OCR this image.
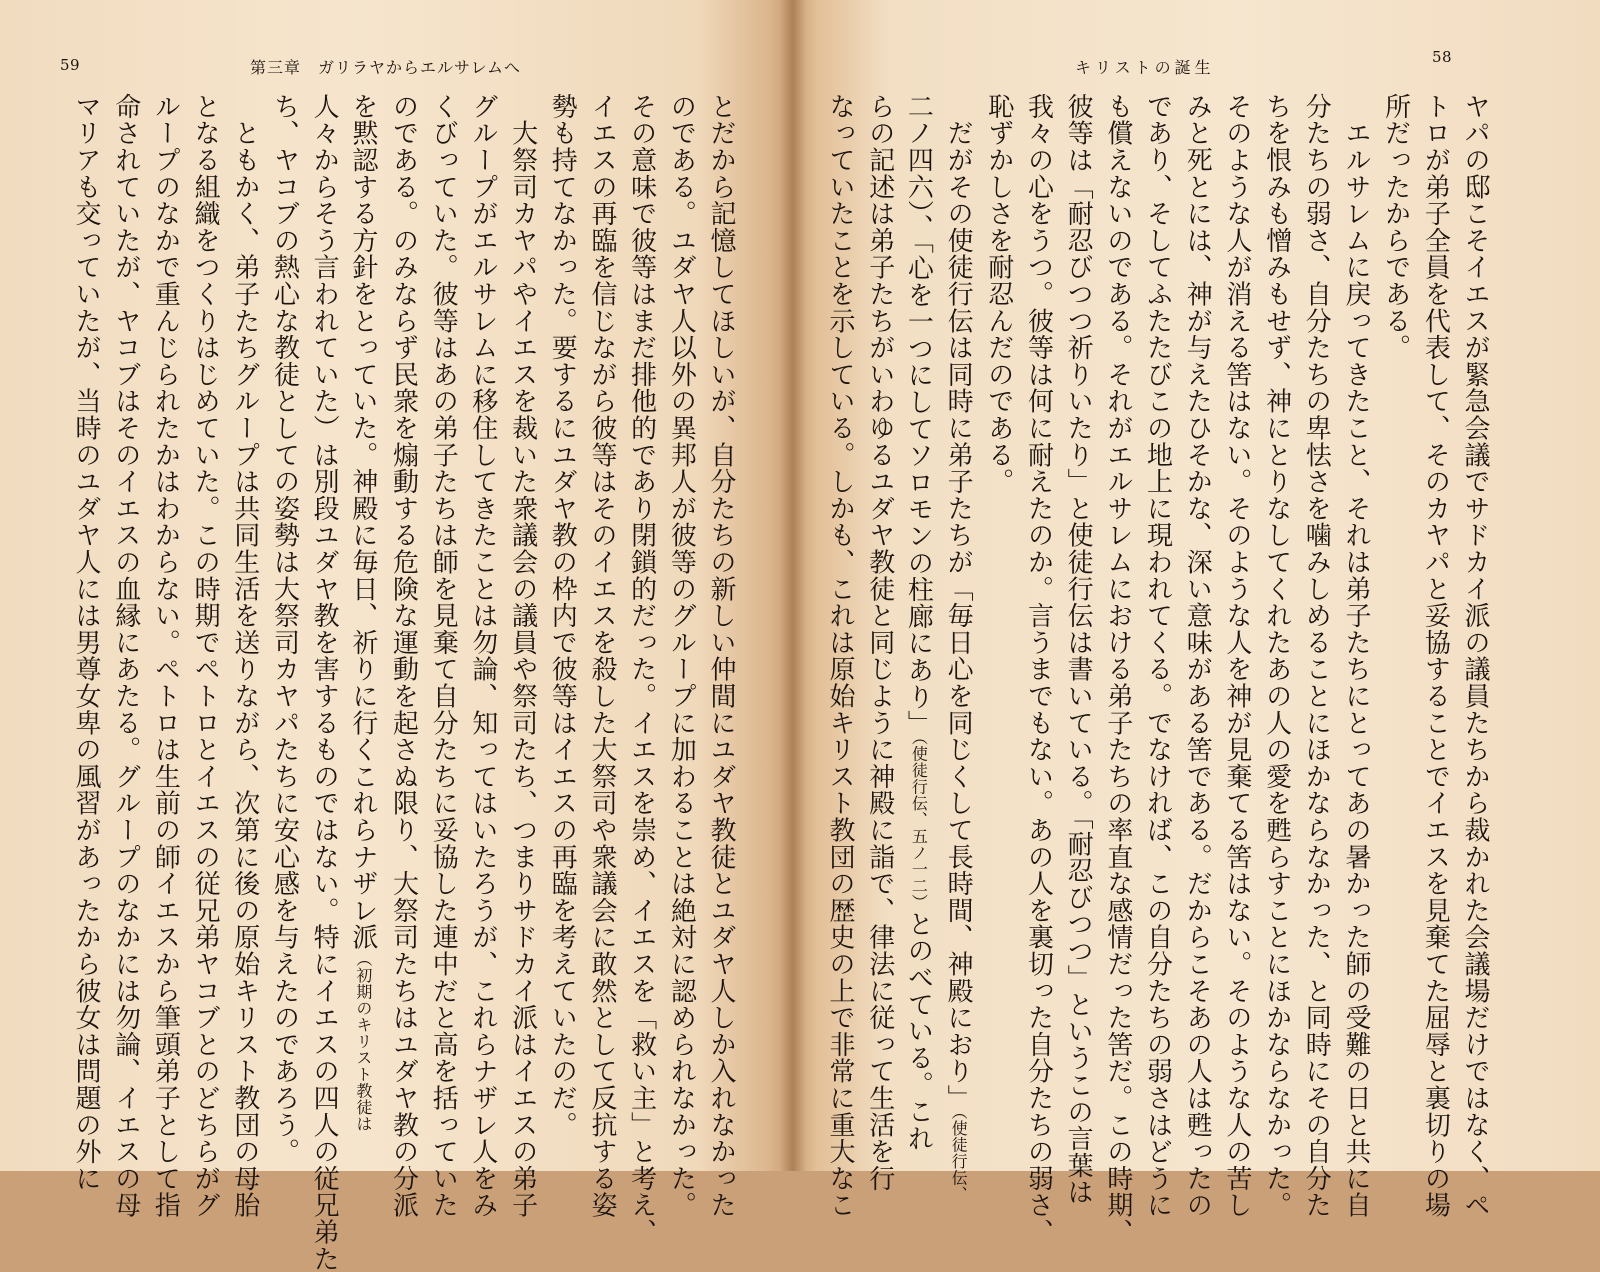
59	第三章　ガリラヤからエルサレムへ
とだから記憶してほしいが、自分たちの新しい仲間にユダヤ教徒とユダヤ人しか入れなかった
のである。ユダヤ人以外の異邦人が彼等のグループに加わることは絶対に認められなかった。
その意味で彼等はまだ排他的であり閉鎖的だった。イエスを崇め、イエスを「救い主」と考え、
イエスの再臨を信じながら彼等はそのイエスを殺した大祭司や衆議会に敢然として反抗する姿
勢も持てなかった。要するにユダヤ教の枠内で彼等はイエスの再臨を考えていたのだ。
　大祭司カヤパやイエスを裁いた衆議会の議員や祭司たち、つまりサドカイ派はイエスの弟子
グループがエルサレムに移住してきたことは勿論、知ってはいたろうが、これらナザレ人をみ
くびっていた。彼等はあの弟子たちは師を見棄て自分たちに妥協した連中だと高を括っていた
のである。のみならず民衆を煽動する危険な運動を起さぬ限り、大祭司たちはユダヤ教の分派
を黙認する方針をとっていた。神殿に毎日、祈りに行くこれらナザレ派（初期のキリスト教徒は
人々からそう言われていた）は別段ユダヤ教を害するものではない。特にイエスの四人の従兄弟た
ち、ヤコブの熱心な教徒としての姿勢は大祭司カヤパたちに安心感を与えたのであろう。
　ともかく、弟子たちグループは共同生活を送りながら、次第に後の原始キリスト教団の母胎
となる組織をつくりはじめていた。この時期でペトロとイエスの従兄弟ヤコブとのどちらがグ
ループのなかで重んじられたかはわからない。ペトロは生前の師イエスから筆頭弟子として指
命されていたが、ヤコブはそのイエスの血縁にあたる。グループのなかには勿論、イエスの母
マリアも交っていたが、当時のユダヤ人には男尊女卑の風習があったから彼女は問題の外に
キリストの誕生
58
ヤパの邸こそイエスが緊急会議でサドカイ派の議員たちから裁かれた会議場だけではなく、ペ
トロが弟子全員を代表して、そのカヤパと妥協することでイエスを見棄てた屈辱と裏切りの場
所だったからである。
　エルサレムに戻ってきたこと、それは弟子たちにとってあの暑かった師の受難の日と共に自
分たちの弱さ、自分たちの卑怯さを噛みしめることにほかならなかった、と同時にその自分た
ちを恨みも憎みもせず、神にとりなしてくれたあの人の愛を甦らすことにほかならなかった。
そのような人が消える筈はない。そのような人を神が見棄てる筈はない。そのような人の苦し
みと死とには、神が与えたひそかな、深い意味がある筈である。だからこそあの人は甦ったの
であり、そしてふたたびこの地上に現われてくる。でなければ、この自分たちの弱さはどうに
も償えないのである。それがエルサレムにおける弟子たちの率直な感情だった筈だ。この時期、
彼等は「耐忍びつつ祈りいたり」と使徒行伝は書いている。「耐忍びつつ」というこの言葉は
我々の心をうつ。彼等は何に耐えたのか。言うまでもない。あの人を裏切った自分たちの弱さ、
恥ずかしさを耐忍んだのである。
　だがその使徒行伝は同時に弟子たちが「毎日心を同じくして長時間、神殿におり」（使徒行伝、
二ノ四六）、「心を一つにしてソロモンの柱廊にあり」（使徒行伝、五ノ一二）とのべている。これ
らの記述は弟子たちがいわゆるユダヤ教徒と同じように神殿に詣で、律法に従って生活を行
なっていたことを示している。しかも、これは原始キリスト教団の歴史の上で非常に重大なこ
